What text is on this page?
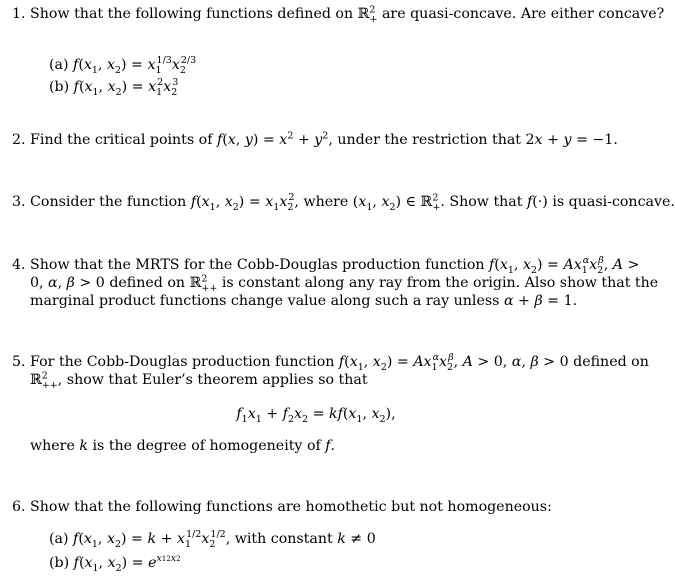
1. Show that the following functions defined on ℝ$^2_+$ are quasi-concave. Are either concave?
(a) $f(x_1$, $x_2) = x_1^{1/3}x_2^{2/3}$
(b) $f(x_1$, $x_2) = x_1^2x_2^3$
2. Find the critical points of f(x, $y) = x^2 + y^2$, under the restriction that 2x + y = −1.
3. Consider the function $f(x_1$, $x_2) = x_1x_2^2$, where ($x_1$, $x_2$) ∈ ℝ$^2_+$. Show that f(·) is quasi-concave.
4. Show that the MRTS for the Cobb-Douglas production function $f(x_1$, $x_2) = Ax_1^\alpha x_2^\beta$, A >
0, α, β > 0 defined on ℝ$^2_{++}$ is constant along any ray from the origin. Also show that the
marginal product functions change value along such a ray unless α + β = 1.
5. For the Cobb-Douglas production function $f(x_1$, $x_2) = Ax_1^\alpha x_2^\beta$, A > 0, α, β > 0 defined on
ℝ$^2_{++}$, show that Euler’s theorem applies so that
$f_1x_1 + f_2x_2 = kf(x_1$, $x_2$),
where k is the degree of homogeneity of f.
6. Show that the following functions are homothetic but not homogeneous:
(a) $f(x_1$, $x_2) = k + x_1^{1/2}x_2^{1/2}$, with constant k ≠ 0
(b) $f(x_1$, $x_2) = e^{x12x2}$
